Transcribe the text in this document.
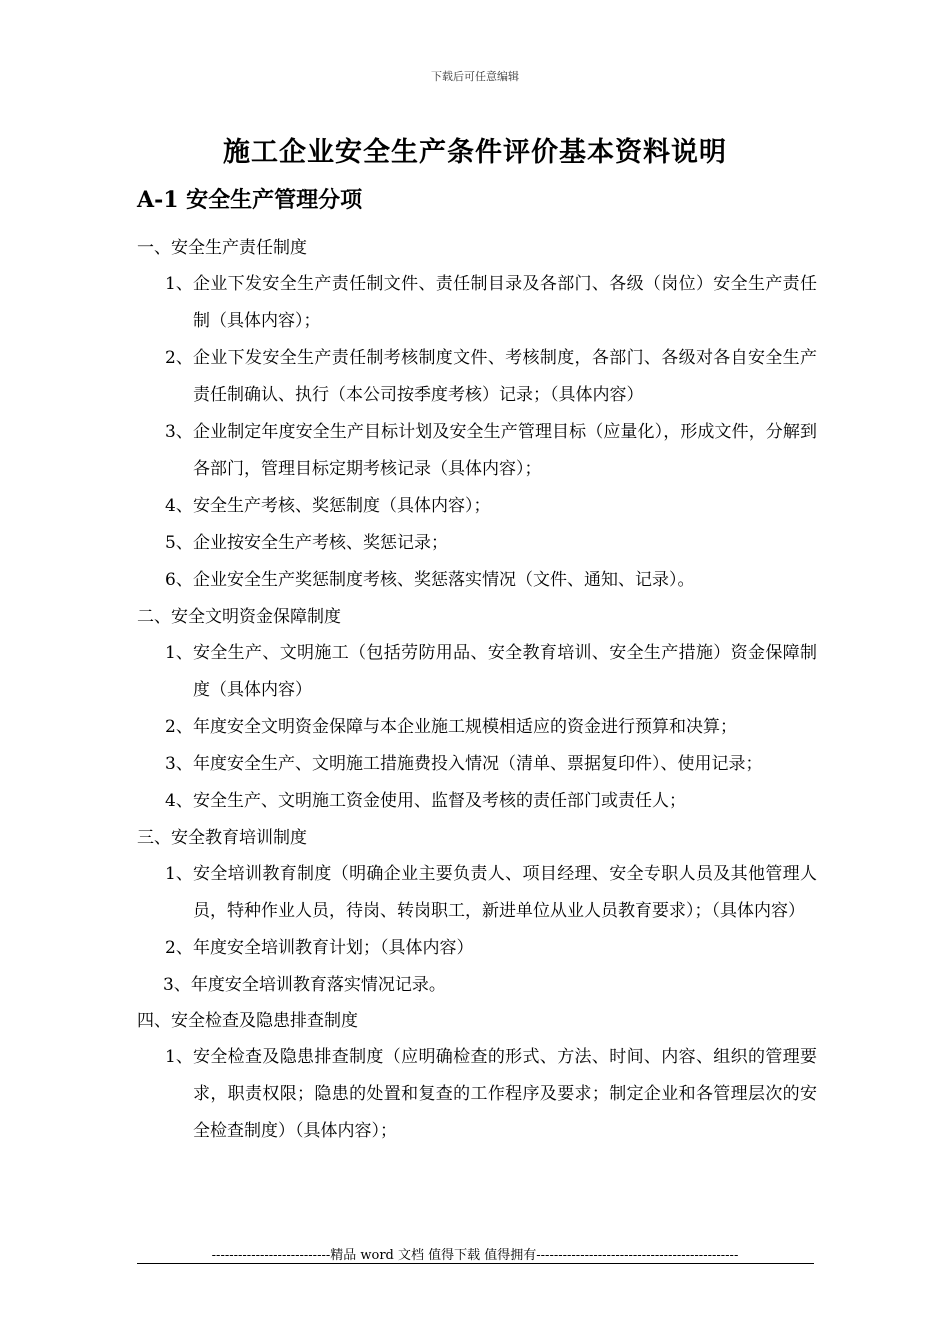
下载后可任意编辑
施工企业安全生产条件评价基本资料说明
A-1 安全生产管理分项
一、安全生产责任制度
1、 企业下发安全生产责任制文件、责任制目录及各部门、各级（岗位）安全生产责任制（具体内容）；
2、 企业下发安全生产责任制考核制度文件、考核制度，各部门、各级对各自安全生产责任制确认、执行（本公司按季度考核）记录；（具体内容）
3、 企业制定年度安全生产目标计划及安全生产管理目标（应量化），形成文件，分解到各部门，管理目标定期考核记录（具体内容）；
4、 安全生产考核、奖惩制度（具体内容）；
5、 企业按安全生产考核、奖惩记录；
6、 企业安全生产奖惩制度考核、奖惩落实情况（文件、通知、记录）。
二、安全文明资金保障制度
1、 安全生产、文明施工（包括劳防用品、安全教育培训、安全生产措施）资金保障制度（具体内容）
2、 年度安全文明资金保障与本企业施工规模相适应的资金进行预算和决算；
3、 年度安全生产、文明施工措施费投入情况（清单、票据复印件）、使用记录；
4、 安全生产、文明施工资金使用、监督及考核的责任部门或责任人；
三、安全教育培训制度
1、 安全培训教育制度（明确企业主要负责人、项目经理、安全专职人员及其他管理人员，特种作业人员，待岗、转岗职工，新进单位从业人员教育要求）；（具体内容）
2、 年度安全培训教育计划；（具体内容）
3、年度安全培训教育落实情况记录。
四、安全检查及隐患排查制度
1、 安全检查及隐患排查制度（应明确检查的形式、方法、时间、内容、组织的管理要求，职责权限；隐患的处置和复查的工作程序及要求；制定企业和各管理层次的安全检查制度）（具体内容）；
---------------------------精品 word 文档 值得下载 值得拥有----------------------------------------------
